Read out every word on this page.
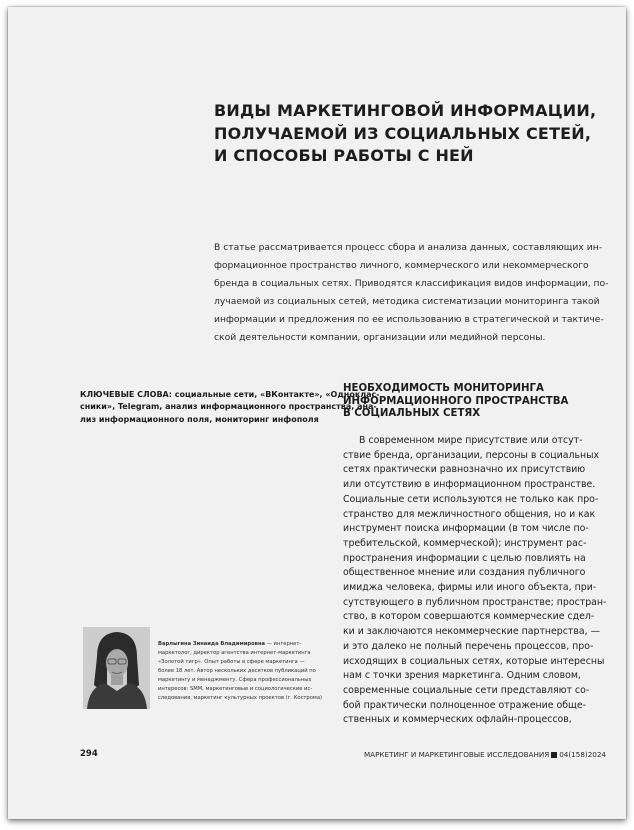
ВИДЫ МАРКЕТИНГОВОЙ ИНФОРМАЦИИ,
ПОЛУЧАЕМОЙ ИЗ СОЦИАЛЬНЫХ СЕТЕЙ,
И СПОСОБЫ РАБОТЫ С НЕЙ

В статье рассматривается процесс сбора и анализа данных, составляющих ин-
формационное пространство личного, коммерческого или некоммерческого
бренда в социальных сетях. Приводятся классификация видов информации, по-
лучаемой из социальных сетей, методика систематизации мониторинга такой
информации и предложения по ее использованию в стратегической и тактиче-
ской деятельности компании, организации или медийной персоны.

КЛЮЧЕВЫЕ СЛОВА: социальные сети, «ВКонтакте», «Одноклас-
сники», Telegram, анализ информационного пространства, ана-
лиз информационного поля, мониторинг инфополя

НЕОБХОДИМОСТЬ МОНИТОРИНГА
ИНФОРМАЦИОННОГО ПРОСТРАНСТВА
В СОЦИАЛЬНЫХ СЕТЯХ

В современном мире присутствие или отсут-
ствие бренда, организации, персоны в социальных
сетях практически равнозначно их присутствию
или отсутствию в информационном пространстве.
Социальные сети используются не только как про-
странство для межличностного общения, но и как
инструмент поиска информации (в том числе по-
требительской, коммерческой); инструмент рас-
пространения информации с целью повлиять на
общественное мнение или создания публичного
имиджа человека, фирмы или иного объекта, при-
сутствующего в публичном пространстве; простран-
ство, в котором совершаются коммерческие сдел-
ки и заключаются некоммерческие партнерства, —
и это далеко не полный перечень процессов, про-
исходящих в социальных сетях, которые интересны
нам с точки зрения маркетинга. Одним словом,
современные социальные сети представляют со-
бой практически полноценное отражение обще-
ственных и коммерческих офлайн-процессов,

Варлыгина Зинаида Владимировна — интернет-
маркетолог, директор агентства интернет-маркетинга
«Золотой тигр». Опыт работы в сфере маркетинга —
более 18 лет. Автор нескольких десятков публикаций по
маркетингу и менеджменту. Сфера профессиональных
интересов: SMM, маркетинговые и социологические ис-
следования, маркетинг культурных проектов (г. Кострома)

294	МАРКЕТИНГ И МАРКЕТИНГОВЫЕ ИССЛЕДОВАНИЯ 04(158)2024
